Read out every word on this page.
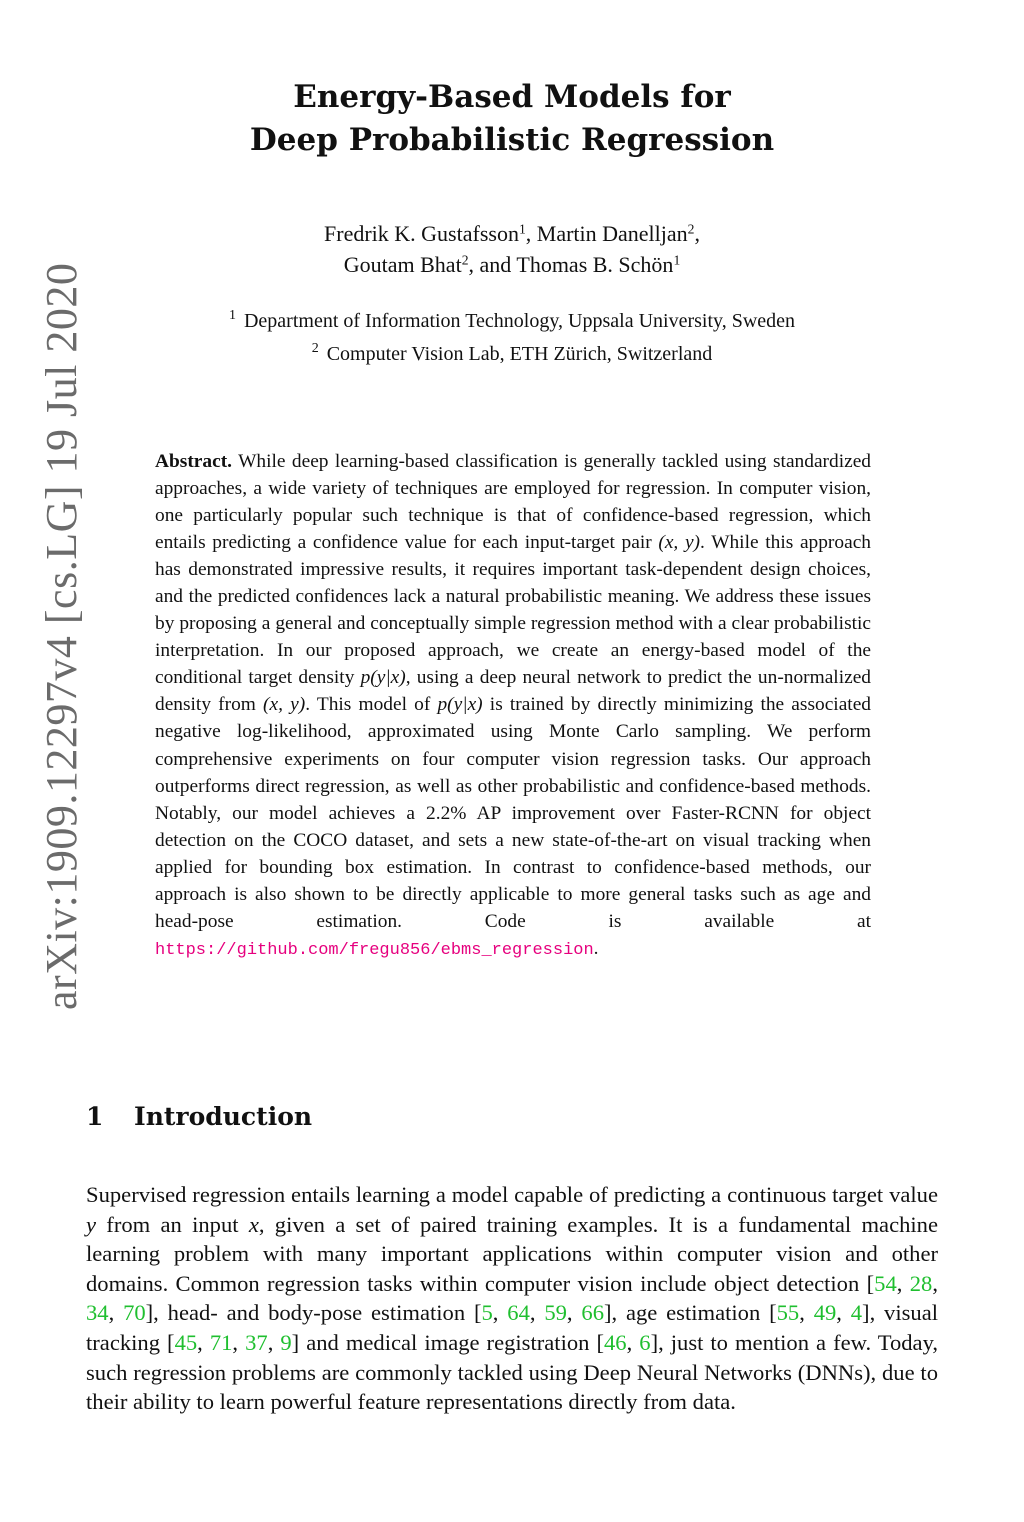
arXiv:1909.12297v4 [cs.LG] 19 Jul 2020
Energy-Based Models for
Deep Probabilistic Regression
Fredrik K. Gustafsson$^1$, Martin Danelljan$^2$,
Goutam Bhat$^2$, and Thomas B. Schön$^1$
$^1$ Department of Information Technology, Uppsala University, Sweden
$^2$ Computer Vision Lab, ETH Zürich, Switzerland
Abstract. While deep learning-based classification is generally tackled using standardized approaches, a wide variety of techniques are employed for regression. In computer vision, one particularly popular such technique is that of confidence-based regression, which entails predicting a confidence value for each input-target pair (x, y). While this approach has demonstrated impressive results, it requires important task-dependent design choices, and the predicted confidences lack a natural probabilistic meaning. We address these issues by proposing a general and conceptually simple regression method with a clear probabilistic interpretation. In our proposed approach, we create an energy-based model of the conditional target density p(y|x), using a deep neural network to predict the un-normalized density from (x, y). This model of p(y|x) is trained by directly minimizing the associated negative log-likelihood, approximated using Monte Carlo sampling. We perform comprehensive experiments on four computer vision regression tasks. Our approach outperforms direct regression, as well as other probabilistic and confidence-based methods. Notably, our model achieves a 2.2% AP improvement over Faster-RCNN for object detection on the COCO dataset, and sets a new state-of-the-art on visual tracking when applied for bounding box estimation. In contrast to confidence-based methods, our approach is also shown to be directly applicable to more general tasks such as age and head-pose estimation. Code is available at https://github.com/fregu856/ebms_regression.
1 Introduction
Supervised regression entails learning a model capable of predicting a continuous target value y from an input x, given a set of paired training examples. It is a fundamental machine learning problem with many important applications within computer vision and other domains. Common regression tasks within computer vision include object detection [54, 28, 34, 70], head- and body-pose estimation [5, 64, 59, 66], age estimation [55, 49, 4], visual tracking [45, 71, 37, 9] and medical image registration [46, 6], just to mention a few. Today, such regression problems are commonly tackled using Deep Neural Networks (DNNs), due to their ability to learn powerful feature representations directly from data.
